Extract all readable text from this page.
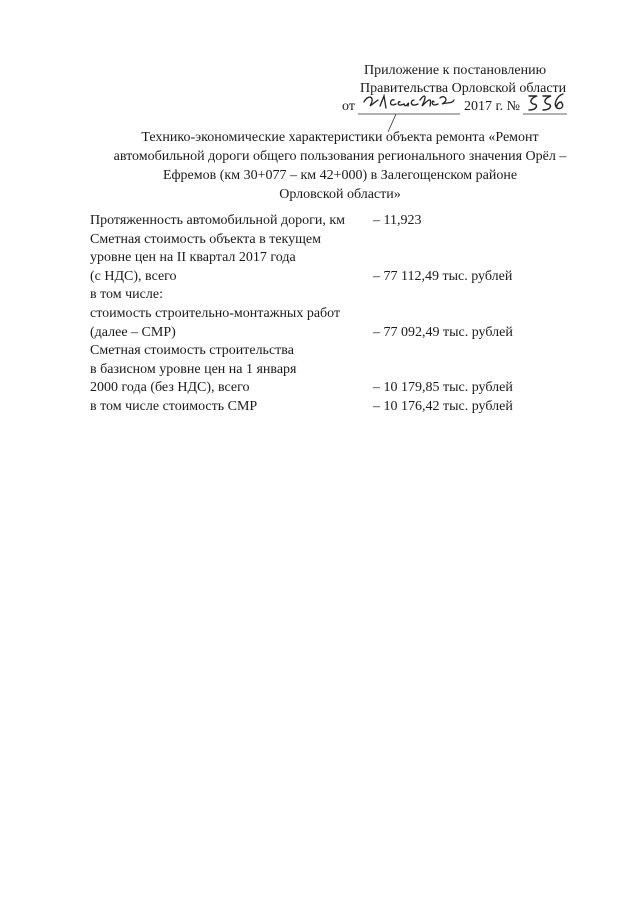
Приложение к постановлению
Правительства Орловской области
от	2017 г. №
Технико-экономические характеристики объекта ремонта «Ремонт
автомобильной дороги общего пользования регионального значения Орёл –
Ефремов (км 30+077 – км 42+000) в Залегощенском районе
Орловской области»
Протяженность автомобильной дороги, км	– 11,923
Сметная стоимость объекта в текущем
уровне цен на II квартал 2017 года
(с НДС), всего	– 77 112,49 тыс. рублей
в том числе:
стоимость строительно-монтажных работ
(далее – СМР)	– 77 092,49 тыс. рублей
Сметная стоимость строительства
в базисном уровне цен на 1 января
2000 года (без НДС), всего	– 10 179,85 тыс. рублей
в том числе стоимость СМР	– 10 176,42 тыс. рублей
